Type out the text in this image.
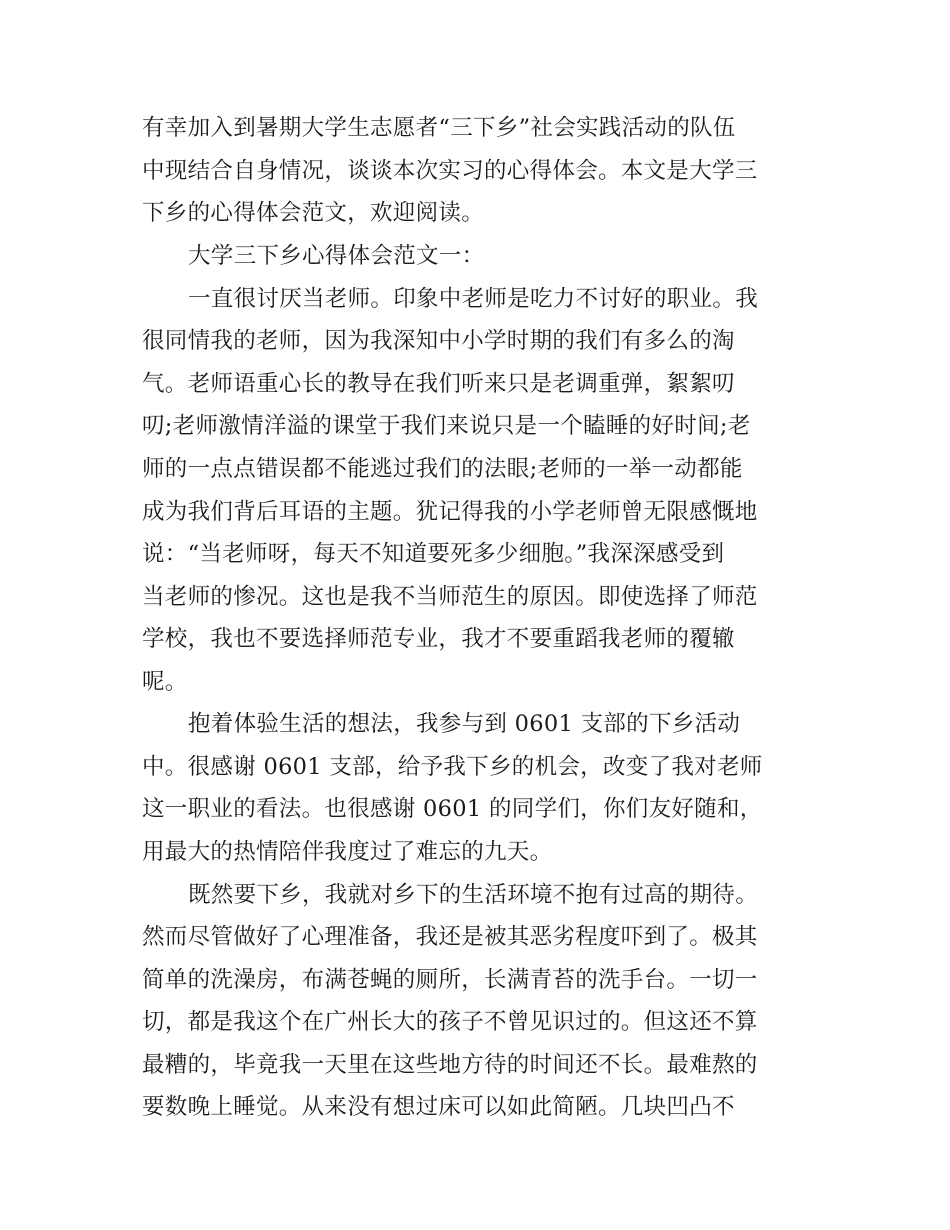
有幸加入到暑期大学生志愿者“三下乡”社会实践活动的队伍
中现结合自身情况，谈谈本次实习的心得体会。本文是大学三
下乡的心得体会范文，欢迎阅读。
大学三下乡心得体会范文一：
一直很讨厌当老师。印象中老师是吃力不讨好的职业。我
很同情我的老师，因为我深知中小学时期的我们有多么的淘
气。老师语重心长的教导在我们听来只是老调重弹，絮絮叨
叨;老师激情洋溢的课堂于我们来说只是一个瞌睡的好时间;老
师的一点点错误都不能逃过我们的法眼;老师的一举一动都能
成为我们背后耳语的主题。犹记得我的小学老师曾无限感慨地
说：“当老师呀，每天不知道要死多少细胞。”我深深感受到
当老师的惨况。这也是我不当师范生的原因。即使选择了师范
学校，我也不要选择师范专业，我才不要重蹈我老师的覆辙
呢。
抱着体验生活的想法，我参与到 0601 支部的下乡活动
中。很感谢 0601 支部，给予我下乡的机会，改变了我对老师
这一职业的看法。也很感谢 0601 的同学们，你们友好随和，
用最大的热情陪伴我度过了难忘的九天。
既然要下乡，我就对乡下的生活环境不抱有过高的期待。
然而尽管做好了心理准备，我还是被其恶劣程度吓到了。极其
简单的洗澡房，布满苍蝇的厕所，长满青苔的洗手台。一切一
切，都是我这个在广州长大的孩子不曾见识过的。但这还不算
最糟的，毕竟我一天里在这些地方待的时间还不长。最难熬的
要数晚上睡觉。从来没有想过床可以如此简陋。几块凹凸不
